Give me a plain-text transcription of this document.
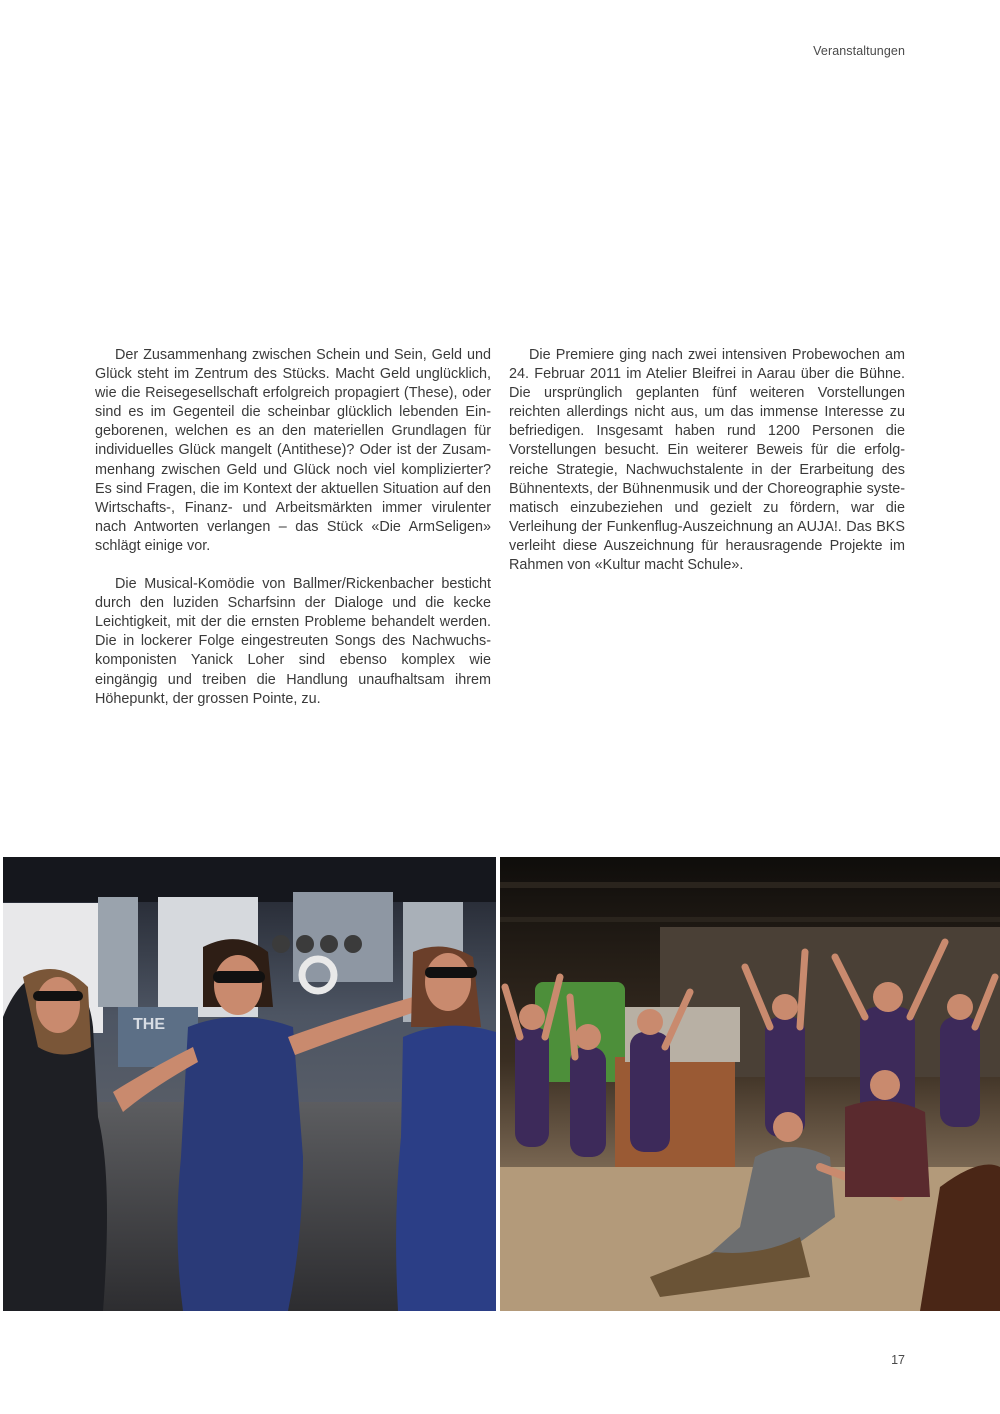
Veranstaltungen

Der Zusammenhang zwischen Schein und Sein, Geld und Glück steht im Zentrum des Stücks. Macht Geld unglücklich, wie die Reisegesellschaft erfolgreich propagiert (These), oder sind es im Gegenteil die scheinbar glücklich lebenden Eingeborenen, welchen es an den materiellen Grundlagen für individuelles Glück mangelt (Antithese)? Oder ist der Zusammenhang zwischen Geld und Glück noch viel komplizierter? Es sind Fragen, die im Kontext der aktuellen Situation auf den Wirtschafts-, Finanz- und Arbeitsmärkten immer virulenter nach Antworten verlangen – das Stück «Die ArmSeligen» schlägt einige vor.

Die Musical-Komödie von Ballmer/Rickenbacher besticht durch den luziden Scharfsinn der Dialoge und die kecke Leichtigkeit, mit der die ernsten Probleme behandelt werden. Die in lockerer Folge eingestreuten Songs des Nachwuchskomponisten Yanick Loher sind ebenso komplex wie eingängig und treiben die Handlung unaufhaltsam ihrem Höhepunkt, der grossen Pointe, zu.

Die Premiere ging nach zwei intensiven Probewochen am 24. Februar 2011 im Atelier Bleifrei in Aarau über die Bühne. Die ursprünglich geplanten fünf weiteren Vorstellungen reichten allerdings nicht aus, um das immense Interesse zu befriedigen. Insgesamt haben rund 1200 Personen die Vorstellungen besucht. Ein weiterer Beweis für die erfolgreiche Strategie, Nachwuchstalente in der Erarbeitung des Bühnentexts, der Bühnenmusik und der Choreographie systematisch einzubeziehen und gezielt zu fördern, war die Verleihung der Funkenflug-Auszeichnung an AUJA!. Das BKS verleiht diese Auszeichnung für herausragende Projekte im Rahmen von «Kultur macht Schule».

THE
17
